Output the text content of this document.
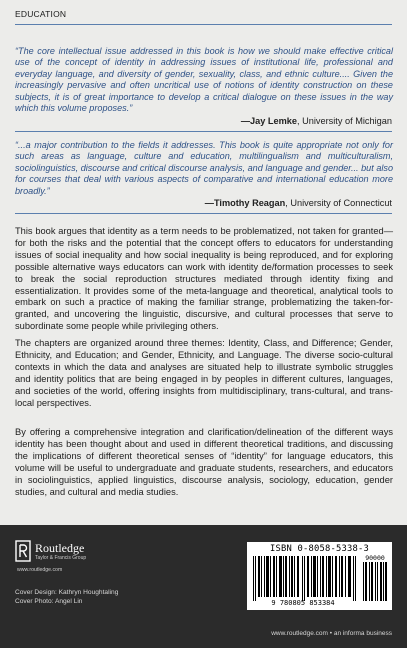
EDUCATION
“The core intellectual issue addressed in this book is how we should make effective critical use of the concept of identity in addressing issues of institutional life, professional and everyday language, and diversity of gender, sexuality, class, and ethnic culture.... Given the increasingly pervasive and often uncritical use of notions of identity construction on these subjects, it is of great importance to develop a critical dialogue on these issues in the way which this volume proposes.”
—Jay Lemke, University of Michigan
“...a major contribution to the fields it addresses. This book is quite appropriate not only for such areas as language, culture and education, multilingualism and multiculturalism, sociolinguistics, discourse and critical discourse analysis, and language and gender... but also for courses that deal with various aspects of comparative and international education more broadly.”
—Timothy Reagan, University of Connecticut
This book argues that identity as a term needs to be problematized, not taken for granted—for both the risks and the potential that the concept offers to educators for understanding issues of social inequality and how social inequality is being reproduced, and for exploring possible alternative ways educators can work with identity de/formation processes to seek to break the social reproduction structures mediated through identity fixing and essentialization. It provides some of the meta-language and theoretical, analytical tools to embark on such a practice of making the familiar strange, problematizing the taken-for-granted, and uncovering the linguistic, discursive, and cultural processes that serve to subordinate some people while privileging others.
The chapters are organized around three themes: Identity, Class, and Difference; Gender, Ethnicity, and Education; and Gender, Ethnicity, and Language. The diverse socio-cultural contexts in which the data and analyses are situated help to illustrate symbolic struggles and identity politics that are being engaged in by peoples in different cultures, languages, and societies of the world, offering insights from multidisciplinary, trans-cultural, and trans-local perspectives.
By offering a comprehensive integration and clarification/delineation of the different ways identity has been thought about and used in different theoretical traditions, and discussing the implications of different theoretical senses of “identity” for language educators, this volume will be useful to undergraduate and graduate students, researchers, and educators in sociolinguistics, applied linguistics, discourse analysis, sociology, education, gender studies, and cultural and media studies.
Routledge
Taylor & Francis Group
www.routledge.com
Cover Design: Kathryn Houghtaling
Cover Photo: Angel Lin
ISBN 0-8058-5338-3
90000
9 780805 853384
www.routledge.com • an informa business
